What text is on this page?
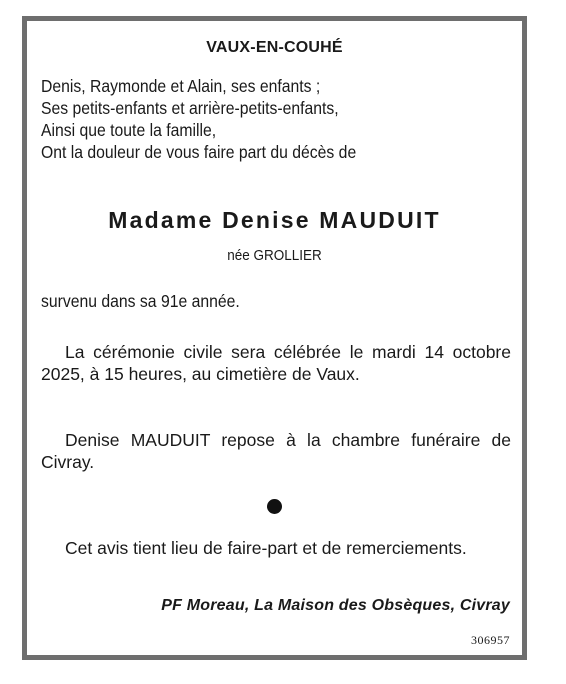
VAUX-EN-COUHÉ
Denis, Raymonde et Alain, ses enfants ;
Ses petits-enfants et arrière-petits-enfants,
Ainsi que toute la famille,
Ont la douleur de vous faire part du décès de
Madame Denise MAUDUIT
née GROLLIER
survenu dans sa 91e année.
La cérémonie civile sera célébrée le mardi 14 octobre 2025, à 15 heures, au cimetière de Vaux.
Denise MAUDUIT repose à la chambre funéraire de Civray.
Cet avis tient lieu de faire-part et de remerciements.
PF Moreau, La Maison des Obsèques, Civray
306957
